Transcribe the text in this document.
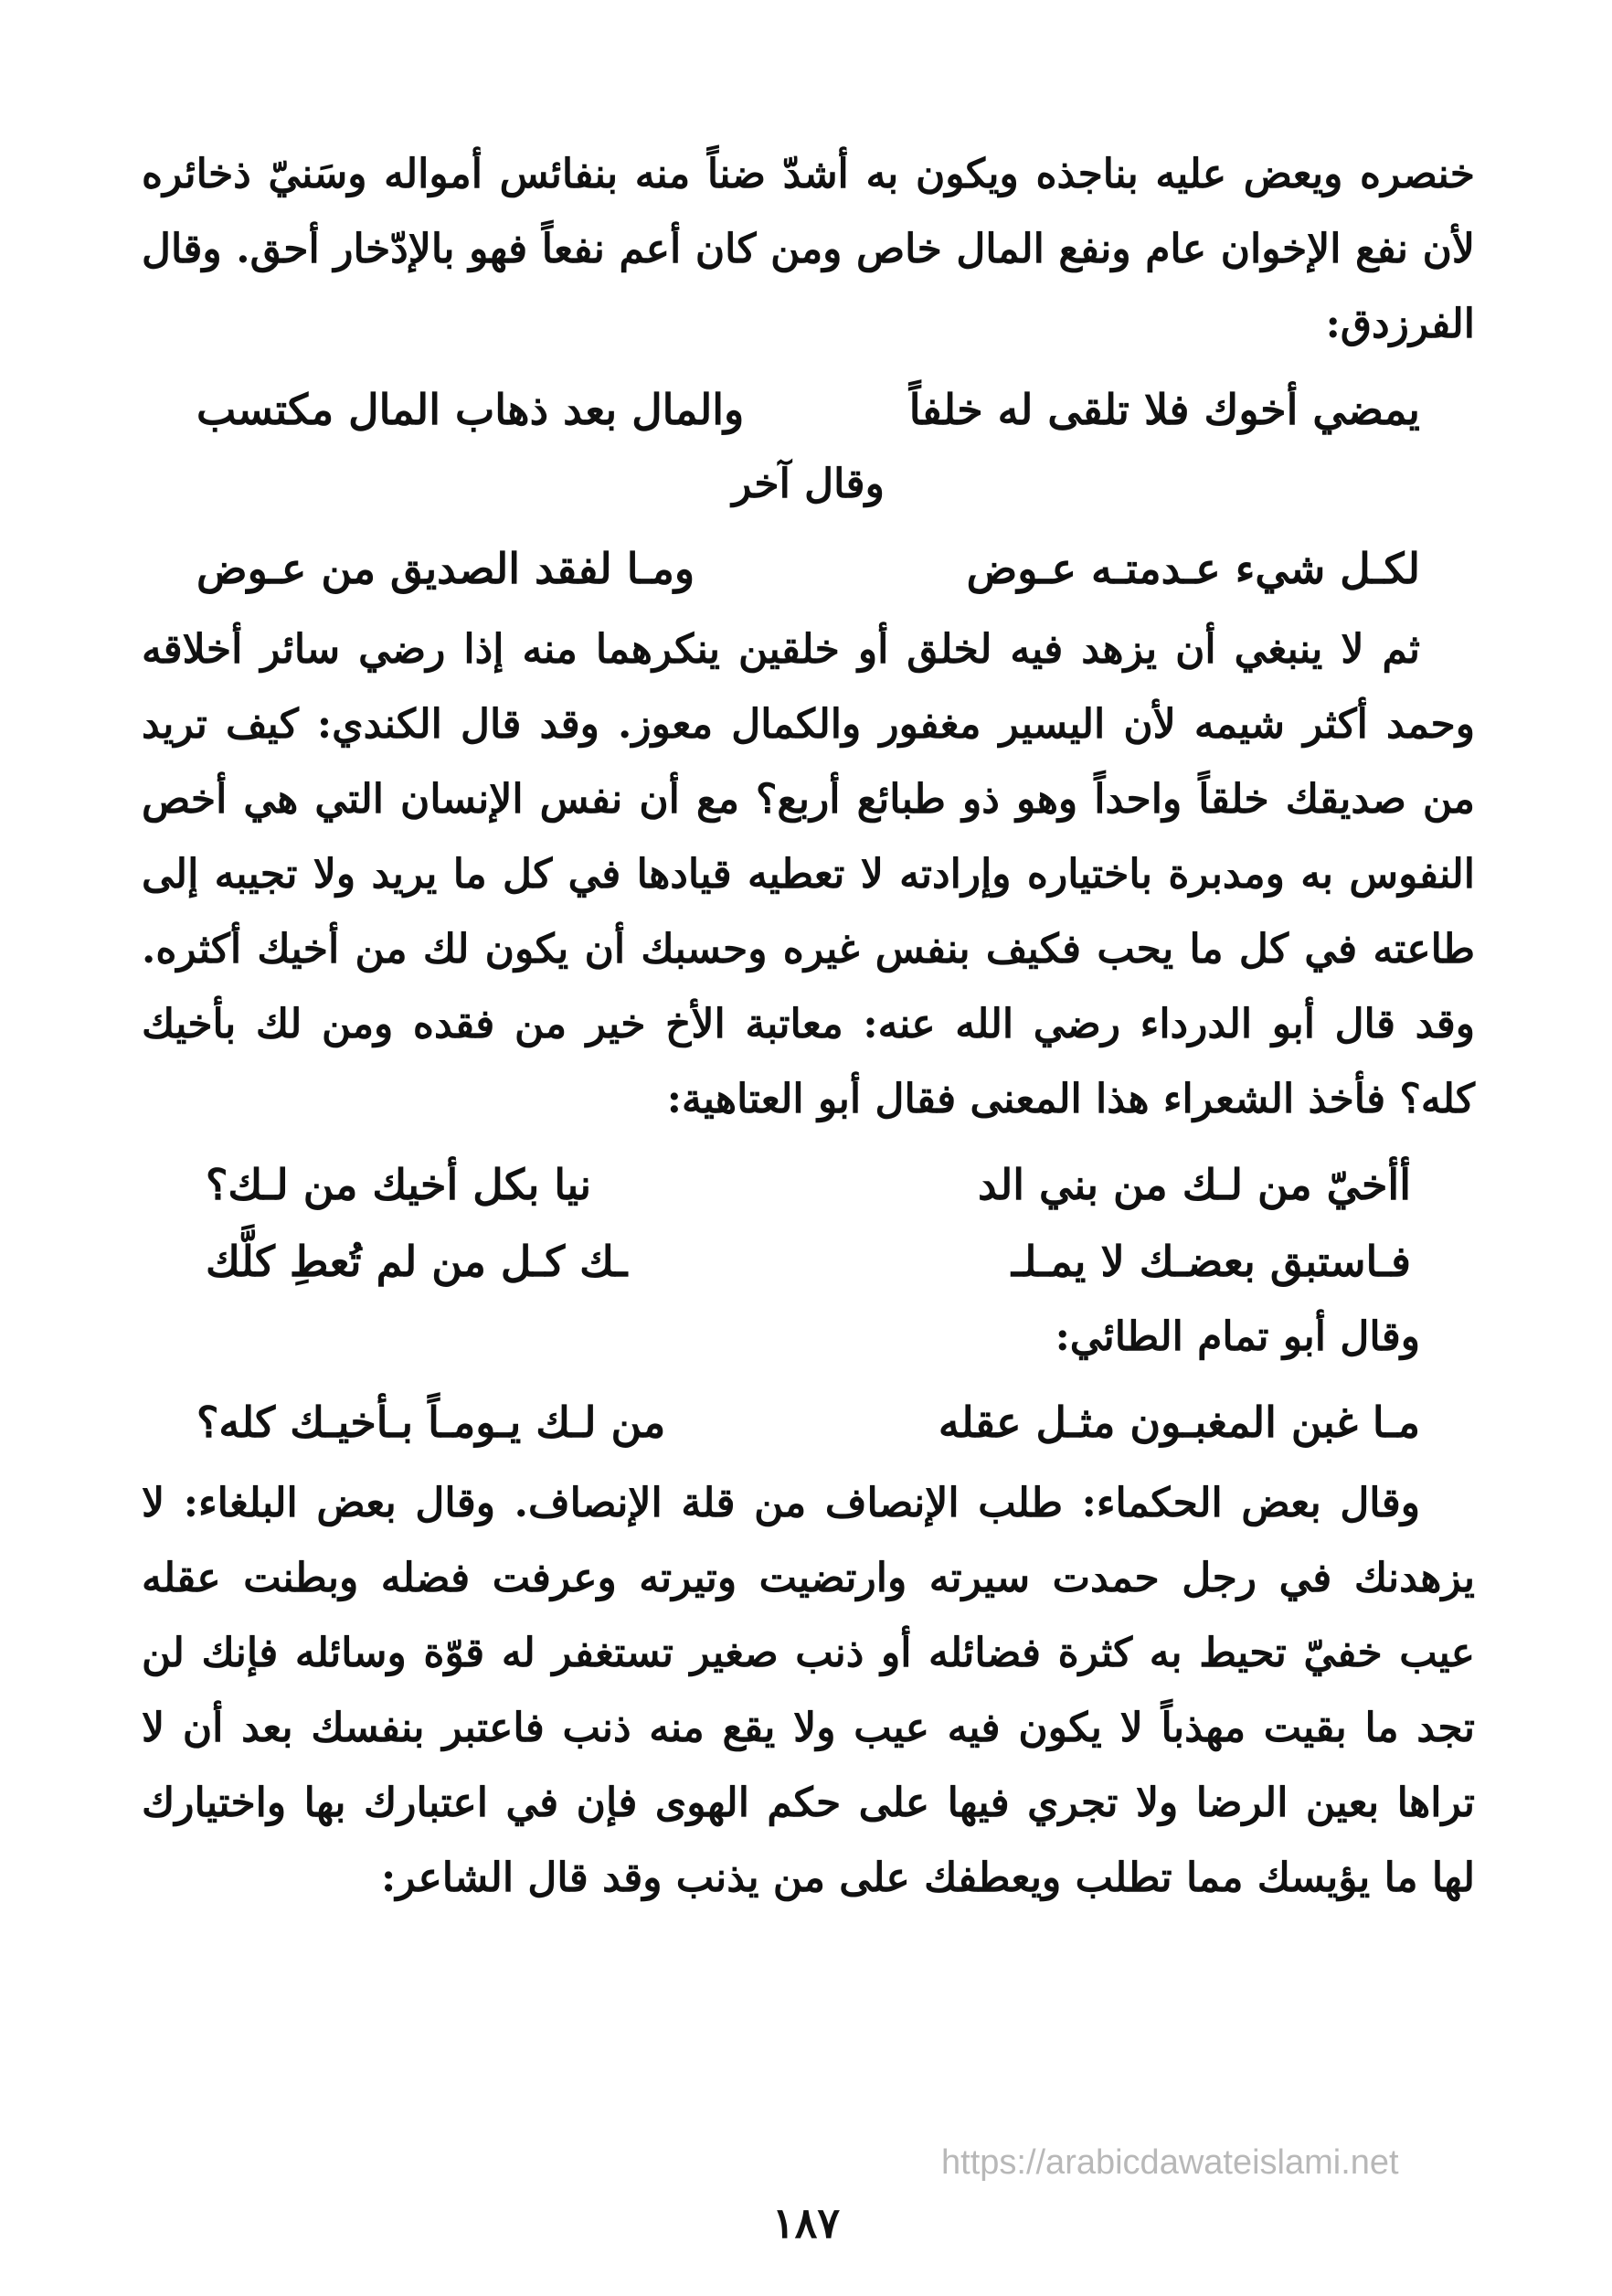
خنصره ويعض عليه بناجذه ويكون به أشدّ ضناً منه بنفائس أمواله وسَنيّ ذخائره لأن نفع الإخوان عام ونفع المال خاص ومن كان أعم نفعاً فهو بالإدّخار أحق. وقال الفرزدق:

يمضي أخوك فلا تلقى له خلفاً
والمال بعد ذهاب المال مكتسب
وقال آخر
لكـل شيء عـدمتـه عـوض
ومـا لفقد الصديق من عـوض

ثم لا ينبغي أن يزهد فيه لخلق أو خلقين ينكرهما منه إذا رضي سائر أخلاقه وحمد أكثر شيمه لأن اليسير مغفور والكمال معوز. وقد قال الكندي: كيف تريد من صديقك خلقاً واحداً وهو ذو طبائع أربع؟ مع أن نفس الإنسان التي هي أخص النفوس به ومدبرة باختياره وإرادته لا تعطيه قيادها في كل ما يريد ولا تجيبه إلى طاعته في كل ما يحب فكيف بنفس غيره وحسبك أن يكون لك من أخيك أكثره. وقد قال أبو الدرداء رضي الله عنه: معاتبة الأخ خير من فقده ومن لك بأخيك كله؟ فأخذ الشعراء هذا المعنى فقال أبو العتاهية:

أأخيّ من لـك من بني الد
نيا بكل أخيك من لـك؟
فـاستبق بعضـك لا يمـلـ
ـك كـل من لم تُعطِ كلَّك
وقال أبو تمام الطائي:
مـا غبن المغبـون مثـل عقله
من لـك يـومـاً بـأخيـك كله؟

وقال بعض الحكماء: طلب الإنصاف من قلة الإنصاف. وقال بعض البلغاء: لا يزهدنك في رجل حمدت سيرته وارتضيت وتيرته وعرفت فضله وبطنت عقله عيب خفيّ تحيط به كثرة فضائله أو ذنب صغير تستغفر له قوّة وسائله فإنك لن تجد ما بقيت مهذباً لا يكون فيه عيب ولا يقع منه ذنب فاعتبر بنفسك بعد أن لا تراها بعين الرضا ولا تجري فيها على حكم الهوى فإن في اعتبارك بها واختيارك لها ما يؤيسك مما تطلب ويعطفك على من يذنب وقد قال الشاعر:

https://arabicdawateislami.net
١٨٧
